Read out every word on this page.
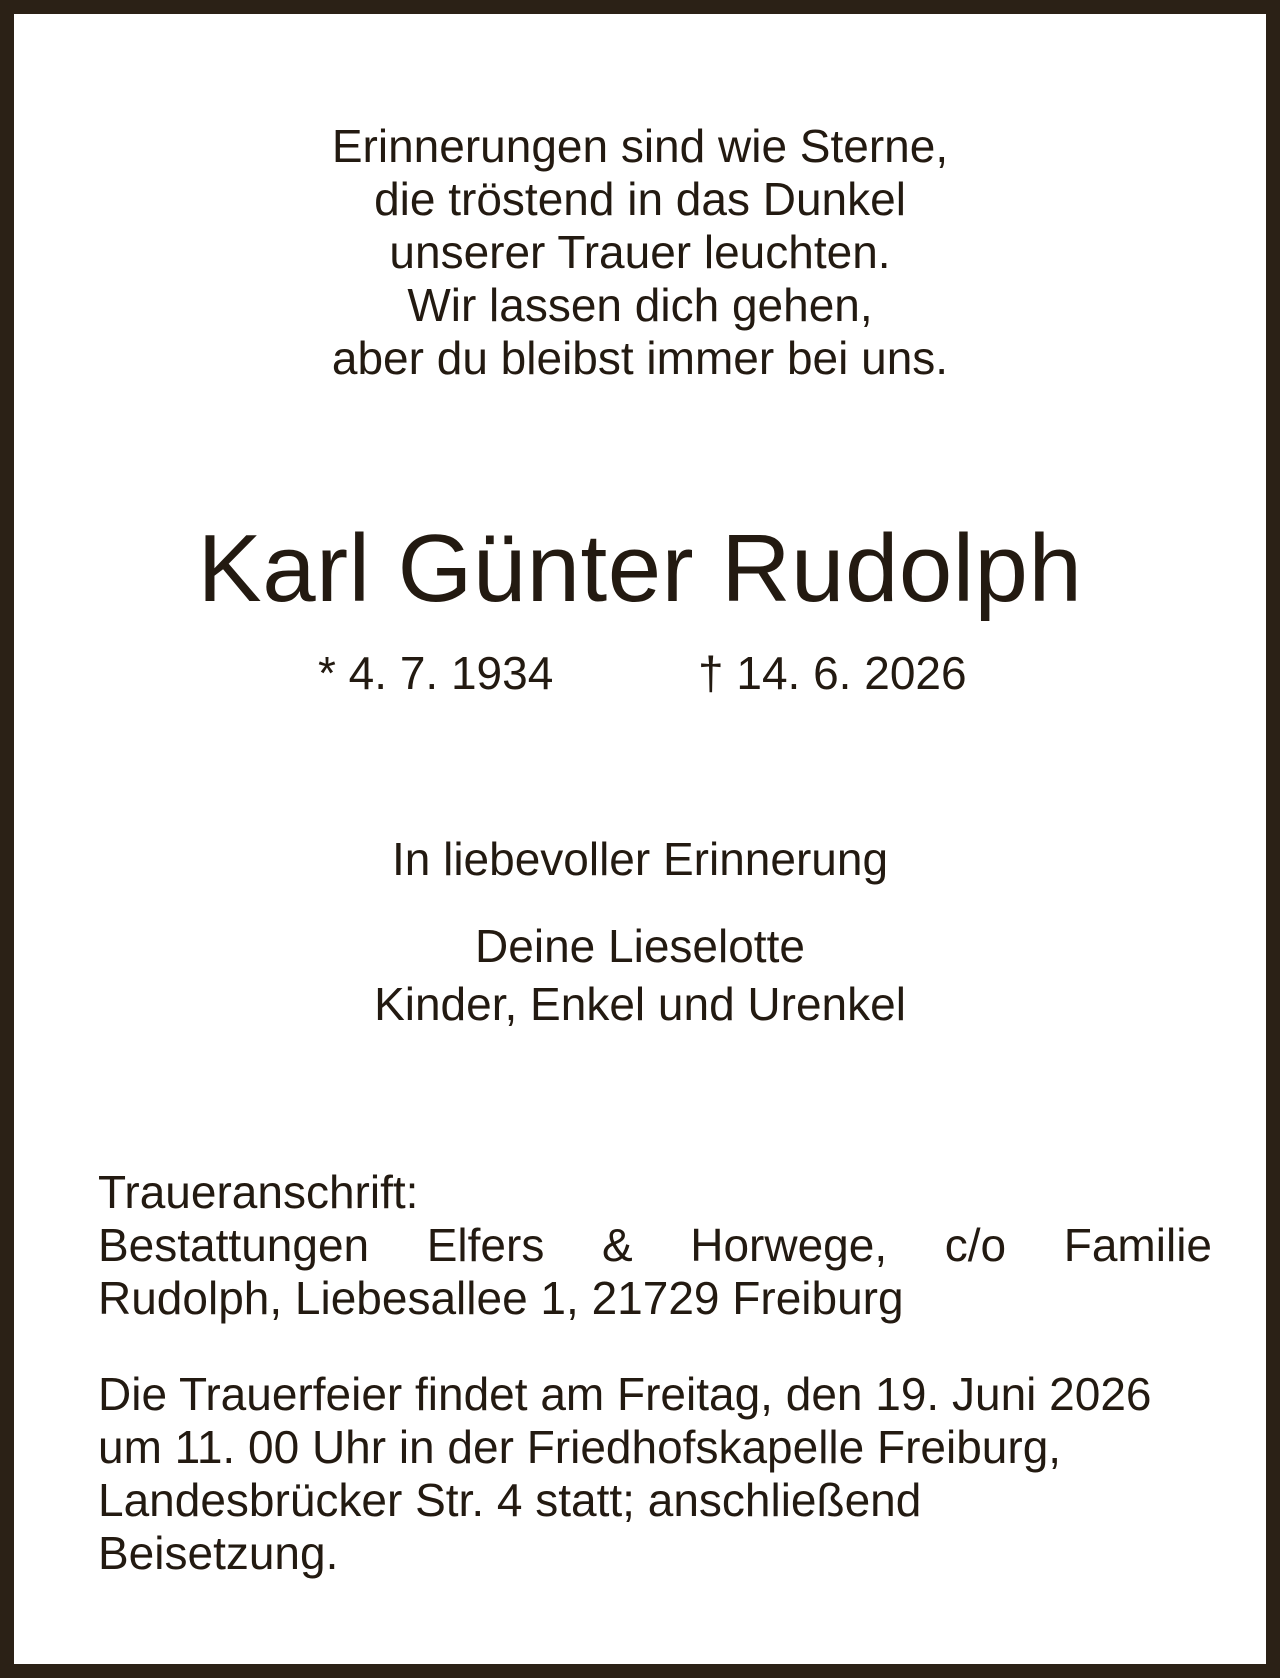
Erinnerungen sind wie Sterne,
die tröstend in das Dunkel
unserer Trauer leuchten.
Wir lassen dich gehen,
aber du bleibst immer bei uns.
Karl Günter Rudolph
* 4. 7. 1934	† 14. 6. 2026
In liebevoller Erinnerung
Deine Lieselotte
Kinder, Enkel und Urenkel
Traueranschrift:
Bestattungen Elfers & Horwege, c/o Familie
Rudolph, Liebesallee 1, 21729 Freiburg
Die Trauerfeier findet am Freitag, den 19. Juni 2026
um 11. 00 Uhr in der Friedhofskapelle Freiburg,
Landesbrücker Str. 4 statt; anschließend
Beisetzung.
